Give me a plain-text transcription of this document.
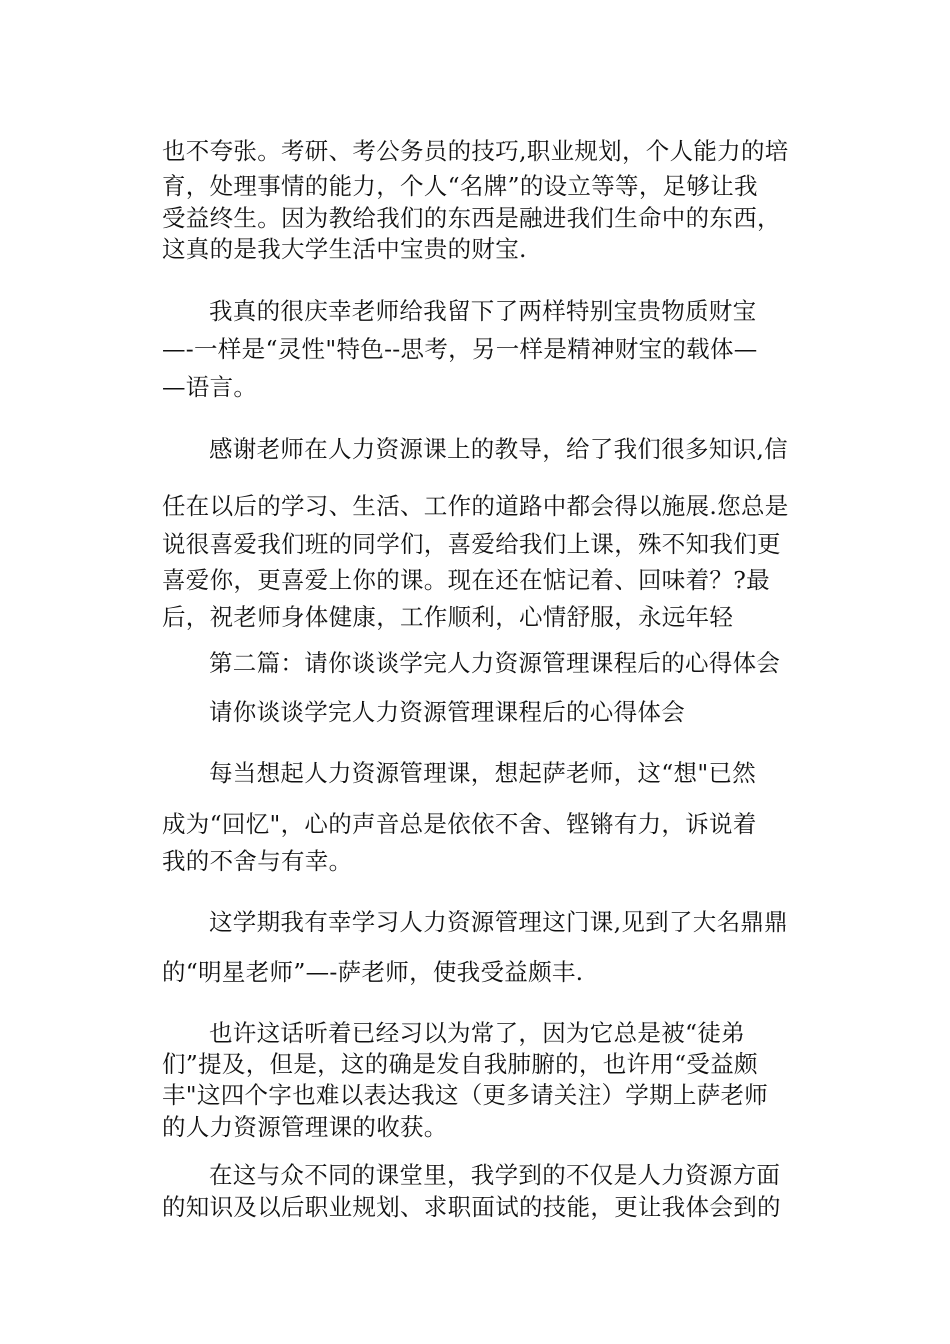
也不夸张。考研、考公务员的技巧,职业规划，个人能力的培
育，处理事情的能力，个人“名牌”的设立等等，足够让我
受益终生。因为教给我们的东西是融进我们生命中的东西，
这真的是我大学生活中宝贵的财宝.
我真的很庆幸老师给我留下了两样特别宝贵物质财宝
—-一样是“灵性"特色--思考，另一样是精神财宝的载体—
—语言。
感谢老师在人力资源课上的教导，给了我们很多知识,信
任在以后的学习、生活、工作的道路中都会得以施展.您总是
说很喜爱我们班的同学们，喜爱给我们上课，殊不知我们更
喜爱你，更喜爱上你的课。现在还在惦记着、回味着？?最
后，祝老师身体健康，工作顺利，心情舒服，永远年轻
第二篇：请你谈谈学完人力资源管理课程后的心得体会
请你谈谈学完人力资源管理课程后的心得体会
每当想起人力资源管理课，想起萨老师，这“想"已然
成为“回忆"，心的声音总是依依不舍、铿锵有力，诉说着
我的不舍与有幸。
这学期我有幸学习人力资源管理这门课,见到了大名鼎鼎
的“明星老师”—-萨老师，使我受益颇丰.
也许这话听着已经习以为常了，因为它总是被“徒弟
们”提及，但是，这的确是发自我肺腑的，也许用“受益颇
丰"这四个字也难以表达我这（更多请关注）学期上萨老师
的人力资源管理课的收获。
在这与众不同的课堂里，我学到的不仅是人力资源方面
的知识及以后职业规划、求职面试的技能，更让我体会到的
